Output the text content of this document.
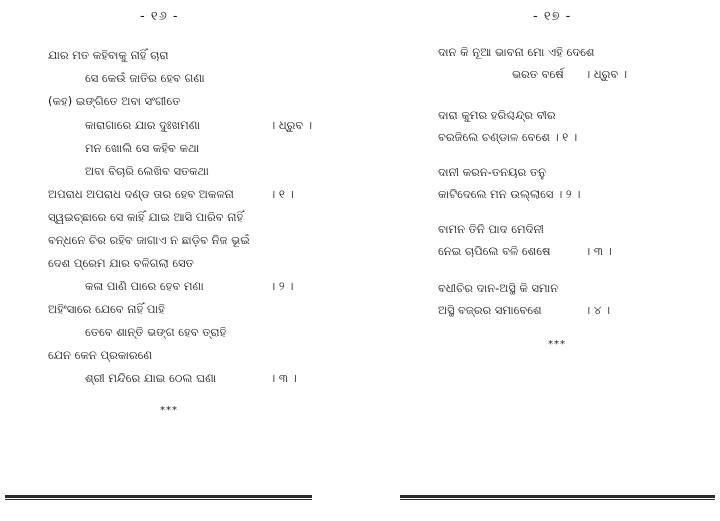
- ୧୬ -
ଯାର ମତ କହିବାକୁ ନାହିଁ ଚାରା
ସେ କେଉଁ ଜାତିର ହେବ ଗଣା
(କହ) ଇଙ୍ଗିତେ ଅବା ସଂଗୀତେ
କାରାଗାରେ ଯାର ଦୁଃଖମଣା	। ଧ୍ରୁବ ।
ମନ ଖୋଲି ସେ କହିବ କଥା
ଅବା ବିଚାରି ଲେଖିବ ସତକଥା
ଅପରାଧ ଅପରାଧ ଦଣ୍ଡ ତାର ହେବ ଅକଳନା	। ୧ ।
ସ୍ୱଇଚ୍ଛାରେ ସେ କାହିଁ ଯାଇ ଆସି ପାରିବ ନାହିଁ
ବନ୍ଧନେ ଚିର ରହିବ ଜାଗାଏ ନ ଛାଡ଼ିବ ନିଜ ଭୂଇଁ
ଦେଶ ପ୍ରେମ ଯାର ବଳିଗଲା ସେତ
କଳା ପାଣି ପାରେ ହେବ ମଣା	। ୨ ।
ଅହିଂସାରେ ଯେବେ ନାହିଁ ପାହି
ତେବେ ଶାନ୍ତି ଭଙ୍ଗ ହେବ ତ୍ରାହି
ଯେନ କେନ ପ୍ରକାରଣେ
ଶ୍ରୀ ମନ୍ଦିରେ ଯାଇ ଠେଲ ଘଣା	। ୩ ।
***
- ୧୭ -
ଦାନ କି ନୂଆ ଭାବନା ମୋ ଏହି ଦେଶେ
ଭରତ ବର୍ଷେ । ଧ୍ରୁବ ।
ଦାରା କୁମର ହରିଶ୍ଚନ୍ଦ୍ର ବୀର
ବରଜିଲେ ଚଣ୍ଡାଳ ବେଶେ । ୧ ।
ଦାନୀ କରନ-ତନୟର ତନୁ
କାଟିଦେଲେ ମନ ଉଲ୍ଲାସେ । ୨ ।
ବାମନ ତିନି ପାଦ ମେଦିନୀ
ନେଇ ଚାପିଲେ ବଳି ଶେଷେ	। ୩ ।
ବଧୀଚିର ଦାନ-ଅସ୍ଥି କି ସମାନ
ଅସ୍ଥି ବଜ୍ରର ସମାବେଶେ	। ୪ ।
***
